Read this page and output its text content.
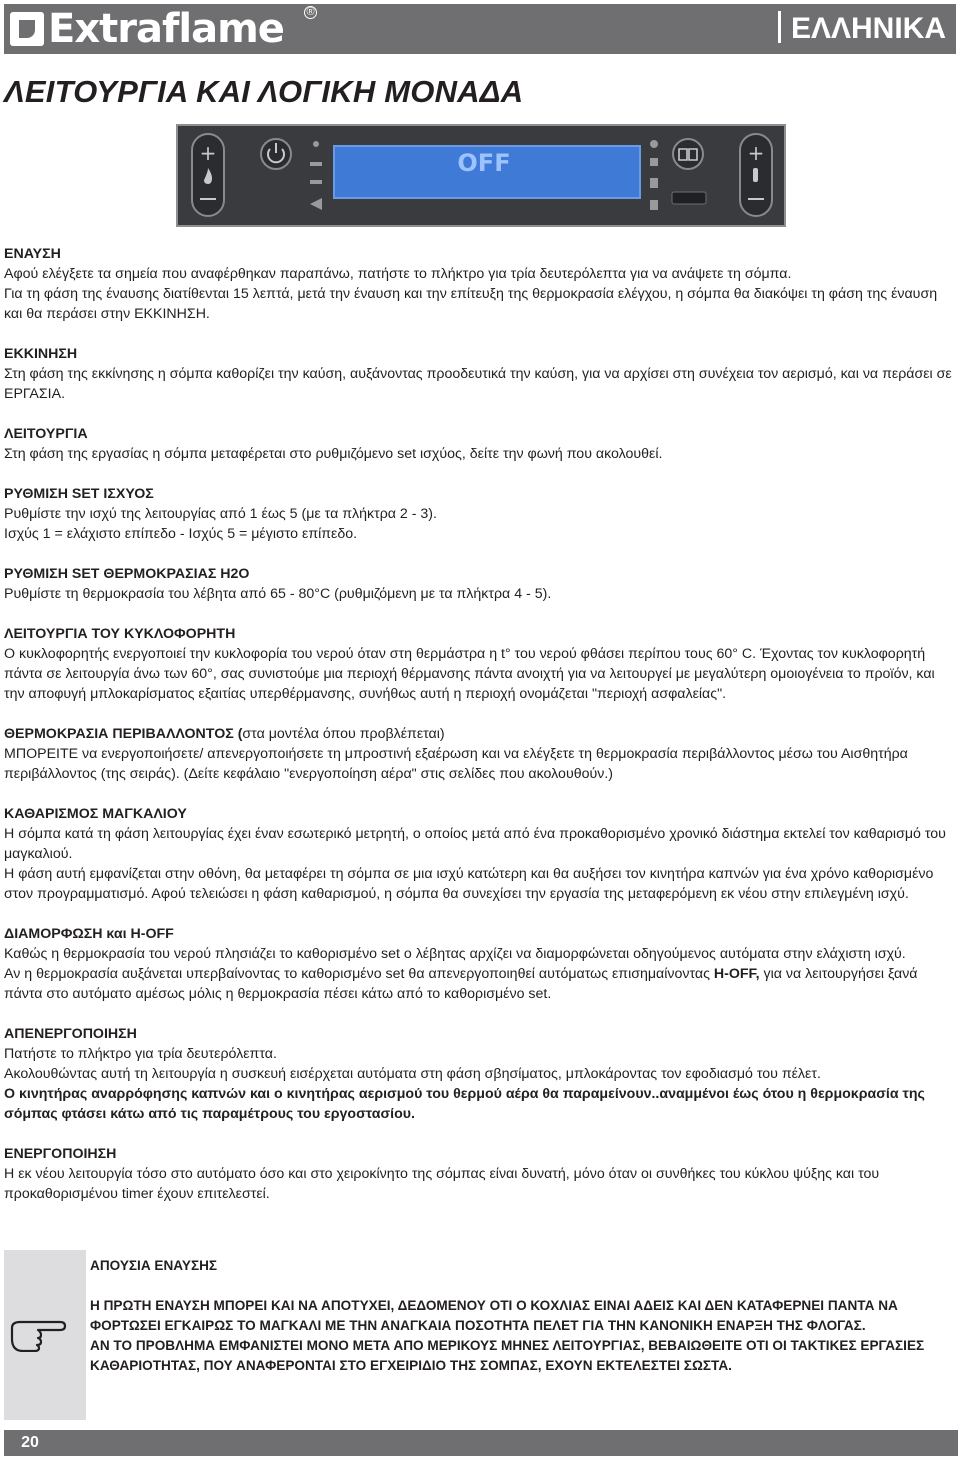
Extraflame ®	ΕΛΛΗΝΙΚΑ
ΛΕΙΤΟΥΡΓΙΑ ΚΑΙ ΛΟΓΙΚΗ ΜΟΝΑΔΑ
+	OFF	+
ΕΝΑΥΣΗ

Αφού ελέγξετε τα σημεία που αναφέρθηκαν παραπάνω, πατήστε το πλήκτρο για τρία δευτερόλεπτα για να ανάψετε τη σόμπα.

Για τη φάση της έναυσης διατίθενται 15 λεπτά, μετά την έναυση και την επίτευξη της θερμοκρασία ελέγχου, η σόμπα θα διακόψει τη φάση της έναυση και θα περάσει στην ΕΚΚΙΝΗΣΗ.

ΕΚΚΙΝΗΣΗ

Στη φάση της εκκίνησης η σόμπα καθορίζει την καύση, αυξάνοντας προοδευτικά την καύση, για να αρχίσει στη συνέχεια τον αερισμό, και να περάσει σε ΕΡΓΑΣΙΑ.

ΛΕΙΤΟΥΡΓΙΑ

Στη φάση της εργασίας η σόμπα μεταφέρεται στο ρυθμιζόμενο set ισχύος, δείτε την φωνή που ακολουθεί.

ΡΥΘΜΙΣΗ SET ΙΣΧΥΟΣ

Ρυθμίστε την ισχύ της λειτουργίας από 1 έως 5 (με τα πλήκτρα 2 - 3).

Ισχύς 1 = ελάχιστο επίπεδο - Ισχύς 5 = μέγιστο επίπεδο.

ΡΥΘΜΙΣΗ SET ΘΕΡΜΟΚΡΑΣΙΑΣ H2O

Ρυθμίστε τη θερμοκρασία του λέβητα από 65 - 80°C (ρυθμιζόμενη με τα πλήκτρα 4 - 5).

ΛΕΙΤΟΥΡΓΙΑ ΤΟΥ ΚΥΚΛΟΦΟΡΗΤΗ

Ο κυκλοφορητής ενεργοποιεί την κυκλοφορία του νερού όταν στη θερμάστρα η t° του νερού φθάσει περίπου τους 60° C. Έχοντας τον κυκλοφορητή πάντα σε λειτουργία άνω των 60°, σας συνιστούμε μια περιοχή θέρμανσης πάντα ανοιχτή για να λειτουργεί με μεγαλύτερη ομοιογένεια το προϊόν, και την αποφυγή μπλοκαρίσματος εξαιτίας υπερθέρμανσης, συνήθως αυτή η περιοχή ονομάζεται "περιοχή ασφαλείας".

ΘΕΡΜΟΚΡΑΣΙΑ ΠΕΡΙΒΑΛΛΟΝΤΟΣ (στα μοντέλα όπου προβλέπεται)

ΜΠΟΡΕΙΤΕ να ενεργοποιήσετε/ απενεργοποιήσετε τη μπροστινή εξαέρωση και να ελέγξετε τη θερμοκρασία περιβάλλοντος μέσω του Αισθητήρα περιβάλλοντος (της σειράς). (Δείτε κεφάλαιο "ενεργοποίηση αέρα" στις σελίδες που ακολουθούν.)

ΚΑΘΑΡΙΣΜΟΣ ΜΑΓΚΑΛΙΟΥ

Η σόμπα κατά τη φάση λειτουργίας έχει έναν εσωτερικό μετρητή, ο οποίος μετά από ένα προκαθορισμένο χρονικό διάστημα εκτελεί τον καθαρισμό του μαγκαλιού.

Η φάση αυτή εμφανίζεται στην οθόνη, θα μεταφέρει τη σόμπα σε μια ισχύ κατώτερη και θα αυξήσει τον κινητήρα καπνών για ένα χρόνο καθορισμένο στον προγραμματισμό. Αφού τελειώσει η φάση καθαρισμού, η σόμπα θα συνεχίσει την εργασία της μεταφερόμενη εκ νέου στην επιλεγμένη ισχύ.

ΔΙΑΜΟΡΦΩΣΗ και H-OFF

Καθώς η θερμοκρασία του νερού πλησιάζει το καθορισμένο set ο λέβητας αρχίζει να διαμορφώνεται οδηγούμενος αυτόματα στην ελάχιστη ισχύ.

Αν η θερμοκρασία αυξάνεται υπερβαίνοντας το καθορισμένο set θα απενεργοποιηθεί αυτόματως επισημαίνοντας H-OFF, για να λειτουργήσει ξανά πάντα στο αυτόματο αμέσως μόλις η θερμοκρασία πέσει κάτω από το καθορισμένο set.

ΑΠΕΝΕΡΓΟΠΟΙΗΣΗ

Πατήστε το πλήκτρο για τρία δευτερόλεπτα.

Ακολουθώντας αυτή τη λειτουργία η συσκευή εισέρχεται αυτόματα στη φάση σβησίματος, μπλοκάροντας τον εφοδιασμό του πέλετ.

Ο κινητήρας αναρρόφησης καπνών και ο κινητήρας αερισμού του θερμού αέρα θα παραμείνουν..αναμμένοι έως ότου η θερμοκρασία της σόμπας φτάσει κάτω από τις παραμέτρους του εργοστασίου.

ΕΝΕΡΓΟΠΟΙΗΣΗ

Η εκ νέου λειτουργία τόσο στο αυτόματο όσο και στο χειροκίνητο της σόμπας είναι δυνατή, μόνο όταν οι συνθήκες του κύκλου ψύξης και του προκαθορισμένου timer έχουν επιτελεστεί.

ΑΠΟΥΣΙΑ ΕΝΑΥΣΗΣ

Η ΠΡΩΤΗ ΕΝΑΥΣΗ ΜΠΟΡΕΙ ΚΑΙ ΝΑ ΑΠΟΤΥΧΕΙ, ΔΕΔΟΜΕΝΟΥ ΟΤΙ Ο ΚΟΧΛΙΑΣ ΕΙΝΑΙ ΑΔΕΙΣ ΚΑΙ ΔΕΝ ΚΑΤΑΦΕΡΝΕΙ ΠΑΝΤΑ ΝΑ ΦΟΡΤΩΣΕΙ ΕΓΚΑΙΡΩΣ ΤΟ ΜΑΓΚΑΛΙ ΜΕ ΤΗΝ ΑΝΑΓΚΑΙΑ ΠΟΣΟΤΗΤΑ ΠΕΛΕΤ ΓΙΑ ΤΗΝ ΚΑΝΟΝΙΚΗ ΕΝΑΡΞΗ ΤΗΣ ΦΛΟΓΑΣ.

ΑΝ ΤΟ ΠΡΟΒΛΗΜΑ ΕΜΦΑΝΙΣΤΕΙ ΜΟΝΟ ΜΕΤΑ ΑΠΟ ΜΕΡΙΚΟΥΣ ΜΗΝΕΣ ΛΕΙΤΟΥΡΓΙΑΣ, ΒΕΒΑΙΩΘΕΙΤΕ ΟΤΙ ΟΙ ΤΑΚΤΙΚΕΣ ΕΡΓΑΣΙΕΣ ΚΑΘΑΡΙΟΤΗΤΑΣ, ΠΟΥ ΑΝΑΦΕΡΟΝΤΑΙ ΣΤΟ ΕΓΧΕΙΡΙΔΙΟ ΤΗΣ ΣΟΜΠΑΣ, ΕΧΟΥΝ ΕΚΤΕΛΕΣΤΕΙ ΣΩΣΤΑ.

20
